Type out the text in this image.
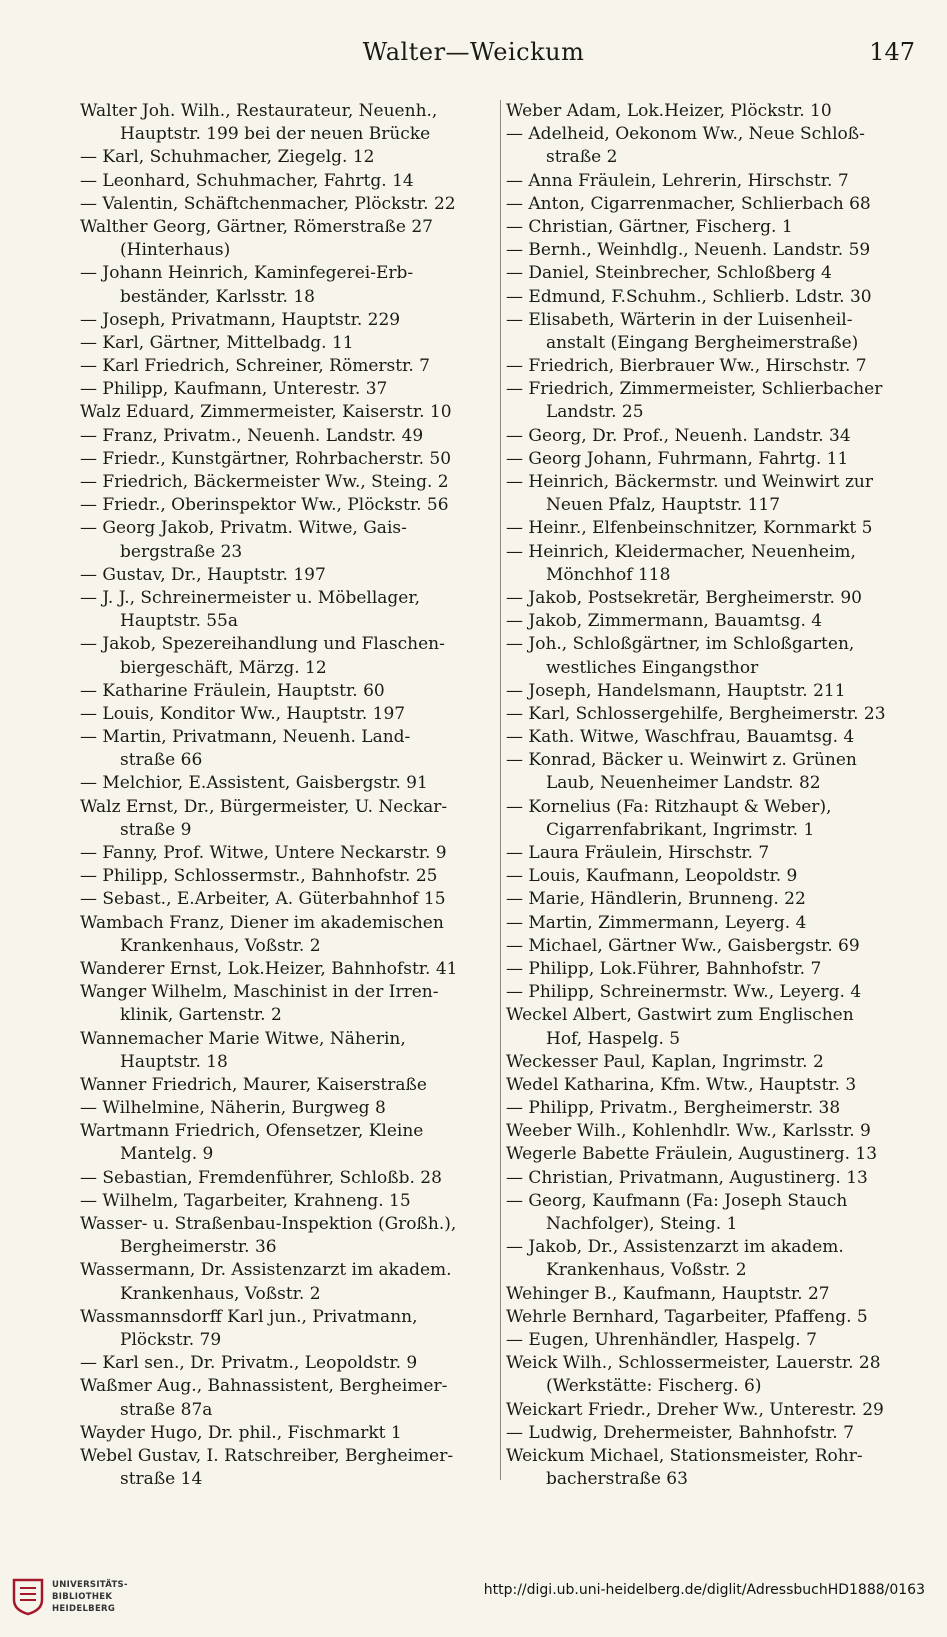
Walter—Weickum	147
Walter Joh. Wilh., Restaurateur, Neuenh.,
Hauptstr. 199 bei der neuen Brücke
— Karl, Schuhmacher, Ziegelg. 12
— Leonhard, Schuhmacher, Fahrtg. 14
— Valentin, Schäftchenmacher, Plöckstr. 22
Walther Georg, Gärtner, Römerstraße 27
(Hinterhaus)
— Johann Heinrich, Kaminfegerei-Erb-
beständer, Karlsstr. 18
— Joseph, Privatmann, Hauptstr. 229
— Karl, Gärtner, Mittelbadg. 11
— Karl Friedrich, Schreiner, Römerstr. 7
— Philipp, Kaufmann, Unterestr. 37
Walz Eduard, Zimmermeister, Kaiserstr. 10
— Franz, Privatm., Neuenh. Landstr. 49
— Friedr., Kunstgärtner, Rohrbacherstr. 50
— Friedrich, Bäckermeister Ww., Steing. 2
— Friedr., Oberinspektor Ww., Plöckstr. 56
— Georg Jakob, Privatm. Witwe, Gais-
bergstraße 23
— Gustav, Dr., Hauptstr. 197
— J. J., Schreinermeister u. Möbellager,
Hauptstr. 55a
— Jakob, Spezereihandlung und Flaschen-
biergeschäft, Märzg. 12
— Katharine Fräulein, Hauptstr. 60
— Louis, Konditor Ww., Hauptstr. 197
— Martin, Privatmann, Neuenh. Land-
straße 66
— Melchior, E.Assistent, Gaisbergstr. 91
Walz Ernst, Dr., Bürgermeister, U. Neckar-
straße 9
— Fanny, Prof. Witwe, Untere Neckarstr. 9
— Philipp, Schlossermstr., Bahnhofstr. 25
— Sebast., E.Arbeiter, A. Güterbahnhof 15
Wambach Franz, Diener im akademischen
Krankenhaus, Voßstr. 2
Wanderer Ernst, Lok.Heizer, Bahnhofstr. 41
Wanger Wilhelm, Maschinist in der Irren-
klinik, Gartenstr. 2
Wannemacher Marie Witwe, Näherin,
Hauptstr. 18
Wanner Friedrich, Maurer, Kaiserstraße
— Wilhelmine, Näherin, Burgweg 8
Wartmann Friedrich, Ofensetzer, Kleine
Mantelg. 9
— Sebastian, Fremdenführer, Schloßb. 28
— Wilhelm, Tagarbeiter, Krahneng. 15
Wasser- u. Straßenbau-Inspektion (Großh.),
Bergheimerstr. 36
Wassermann, Dr. Assistenzarzt im akadem.
Krankenhaus, Voßstr. 2
Wassmannsdorff Karl jun., Privatmann,
Plöckstr. 79
— Karl sen., Dr. Privatm., Leopoldstr. 9
Waßmer Aug., Bahnassistent, Bergheimer-
straße 87a
Wayder Hugo, Dr. phil., Fischmarkt 1
Webel Gustav, I. Ratschreiber, Bergheimer-
straße 14
Weber Adam, Lok.Heizer, Plöckstr. 10
— Adelheid, Oekonom Ww., Neue Schloß-
straße 2
— Anna Fräulein, Lehrerin, Hirschstr. 7
— Anton, Cigarrenmacher, Schlierbach 68
— Christian, Gärtner, Fischerg. 1
— Bernh., Weinhdlg., Neuenh. Landstr. 59
— Daniel, Steinbrecher, Schloßberg 4
— Edmund, F.Schuhm., Schlierb. Ldstr. 30
— Elisabeth, Wärterin in der Luisenheil-
anstalt (Eingang Bergheimerstraße)
— Friedrich, Bierbrauer Ww., Hirschstr. 7
— Friedrich, Zimmermeister, Schlierbacher
Landstr. 25
— Georg, Dr. Prof., Neuenh. Landstr. 34
— Georg Johann, Fuhrmann, Fahrtg. 11
— Heinrich, Bäckermstr. und Weinwirt zur
Neuen Pfalz, Hauptstr. 117
— Heinr., Elfenbeinschnitzer, Kornmarkt 5
— Heinrich, Kleidermacher, Neuenheim,
Mönchhof 118
— Jakob, Postsekretär, Bergheimerstr. 90
— Jakob, Zimmermann, Bauamtsg. 4
— Joh., Schloßgärtner, im Schloßgarten,
westliches Eingangsthor
— Joseph, Handelsmann, Hauptstr. 211
— Karl, Schlossergehilfe, Bergheimerstr. 23
— Kath. Witwe, Waschfrau, Bauamtsg. 4
— Konrad, Bäcker u. Weinwirt z. Grünen
Laub, Neuenheimer Landstr. 82
— Kornelius (Fa: Ritzhaupt & Weber),
Cigarrenfabrikant, Ingrimstr. 1
— Laura Fräulein, Hirschstr. 7
— Louis, Kaufmann, Leopoldstr. 9
— Marie, Händlerin, Brunneng. 22
— Martin, Zimmermann, Leyerg. 4
— Michael, Gärtner Ww., Gaisbergstr. 69
— Philipp, Lok.Führer, Bahnhofstr. 7
— Philipp, Schreinermstr. Ww., Leyerg. 4
Weckel Albert, Gastwirt zum Englischen
Hof, Haspelg. 5
Weckesser Paul, Kaplan, Ingrimstr. 2
Wedel Katharina, Kfm. Wtw., Hauptstr. 3
— Philipp, Privatm., Bergheimerstr. 38
Weeber Wilh., Kohlenhdlr. Ww., Karlsstr. 9
Wegerle Babette Fräulein, Augustinerg. 13
— Christian, Privatmann, Augustinerg. 13
— Georg, Kaufmann (Fa: Joseph Stauch
Nachfolger), Steing. 1
— Jakob, Dr., Assistenzarzt im akadem.
Krankenhaus, Voßstr. 2
Wehinger B., Kaufmann, Hauptstr. 27
Wehrle Bernhard, Tagarbeiter, Pfaffeng. 5
— Eugen, Uhrenhändler, Haspelg. 7
Weick Wilh., Schlossermeister, Lauerstr. 28
(Werkstätte: Fischerg. 6)
Weickart Friedr., Dreher Ww., Unterestr. 29
— Ludwig, Drehermeister, Bahnhofstr. 7
Weickum Michael, Stationsmeister, Rohr-
bacherstraße 63
UNIVERSITÄTS-
BIBLIOTHEK
HEIDELBERG
http://digi.ub.uni-heidelberg.de/diglit/AdressbuchHD1888/0163
